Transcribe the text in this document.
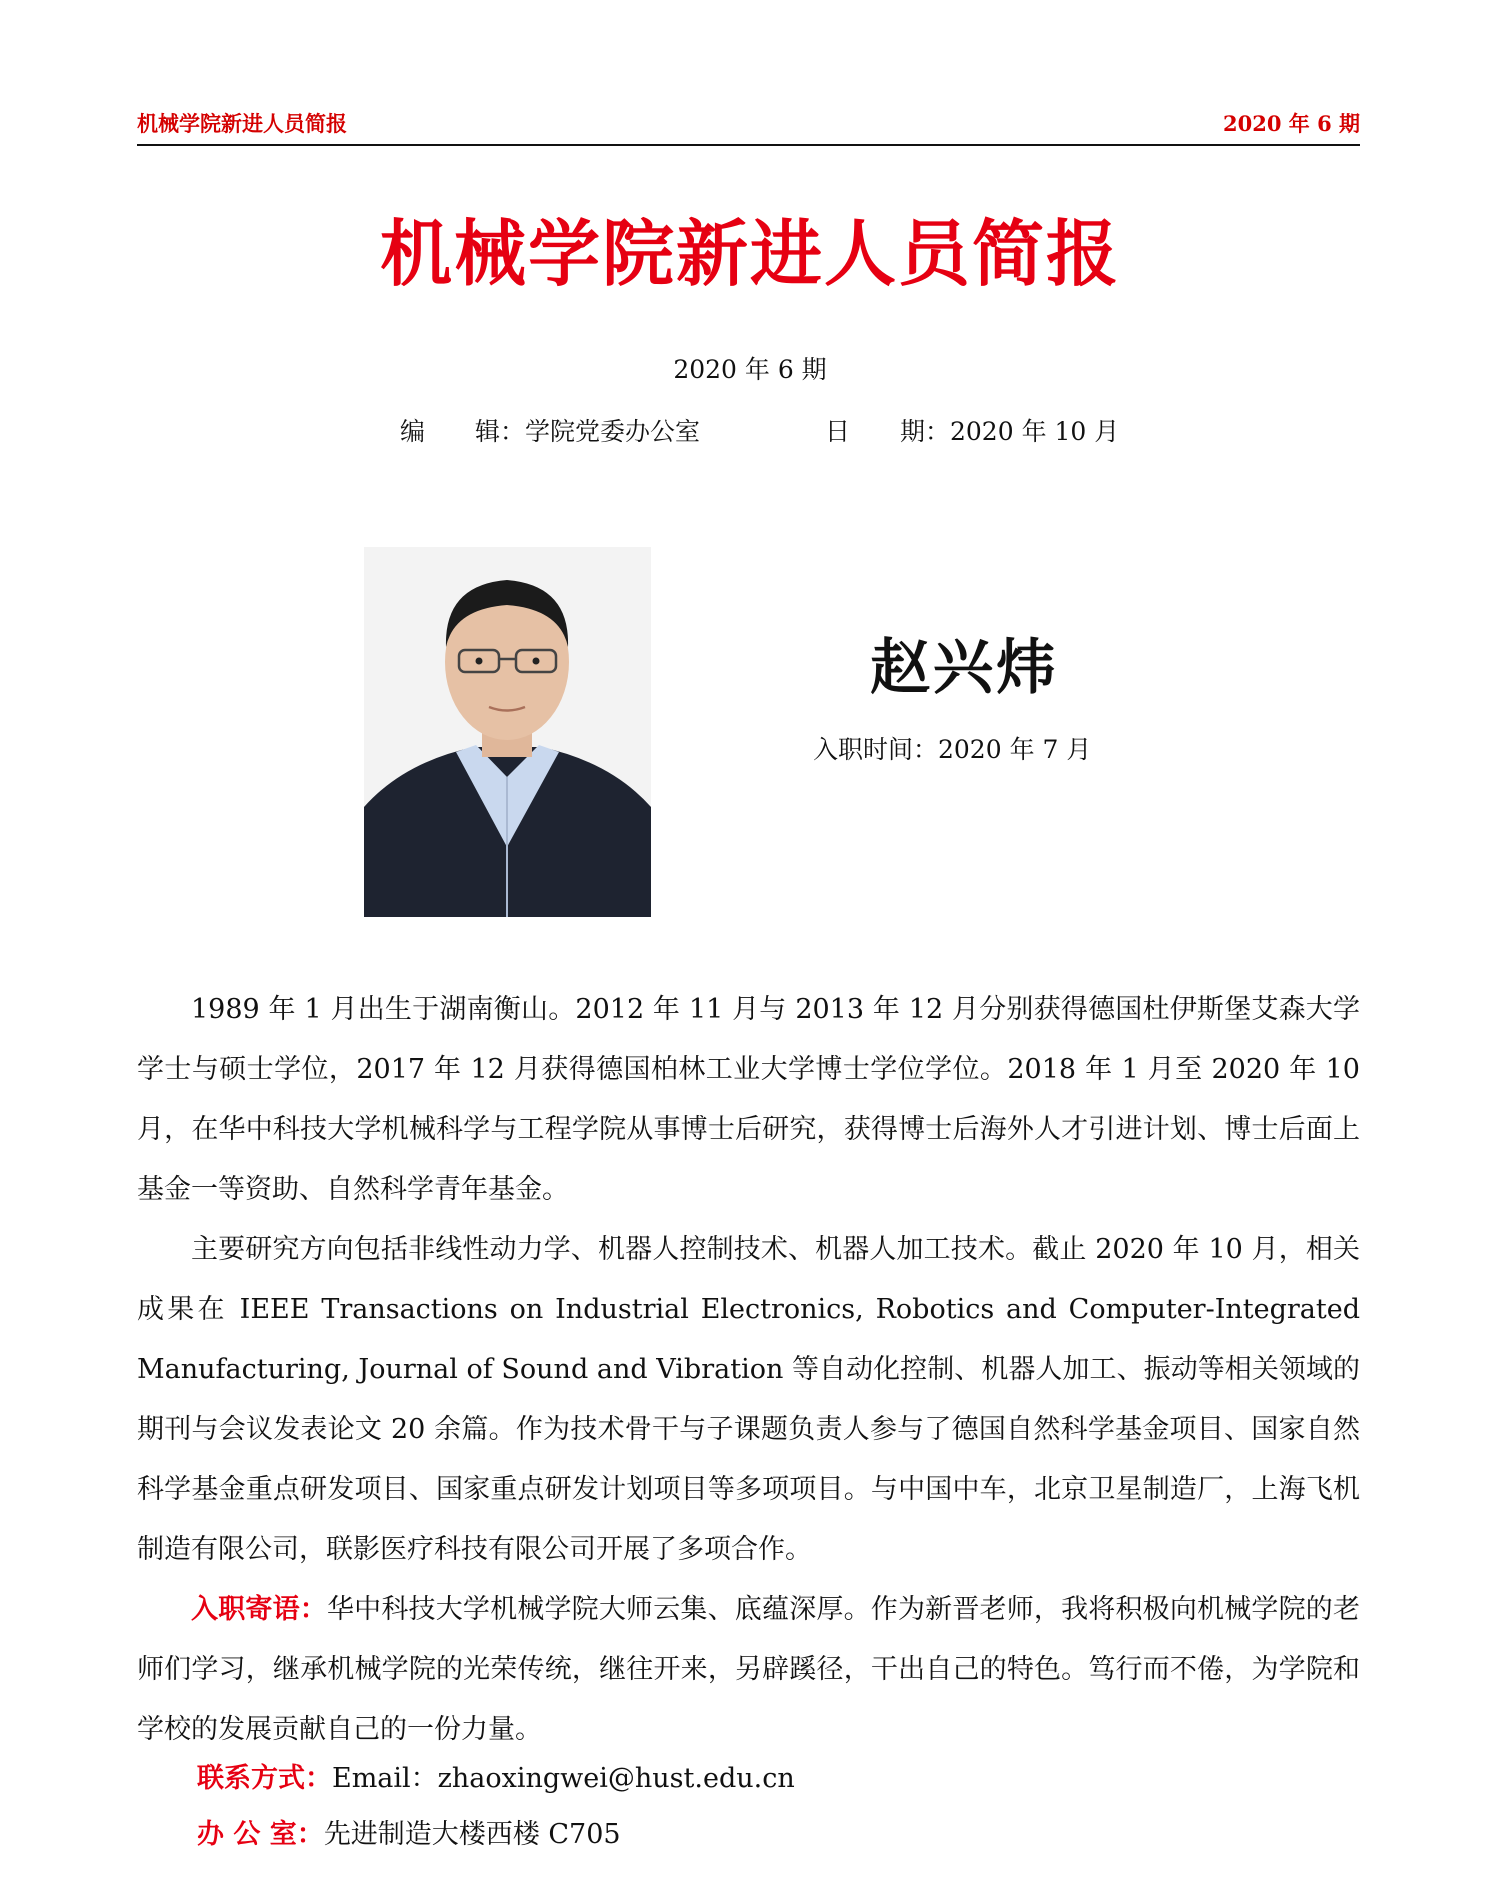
机械学院新进人员简报	2020 年 6 期
机械学院新进人员简报
2020 年 6 期
编　　辑：学院党委办公室	日　　期：2020 年 10 月
赵兴炜
入职时间：2020 年 7 月

1989 年 1 月出生于湖南衡山。2012 年 11 月与 2013 年 12 月分别获得德国杜伊斯堡艾森大学学士与硕士学位，2017 年 12 月获得德国柏林工业大学博士学位学位。2018 年 1 月至 2020 年 10 月，在华中科技大学机械科学与工程学院从事博士后研究，获得博士后海外人才引进计划、博士后面上基金一等资助、自然科学青年基金。

主要研究方向包括非线性动力学、机器人控制技术、机器人加工技术。截止 2020 年 10 月，相关成果在 IEEE Transactions on Industrial Electronics, Robotics and Computer-Integrated Manufacturing, Journal of Sound and Vibration 等自动化控制、机器人加工、振动等相关领域的期刊与会议发表论文 20 余篇。作为技术骨干与子课题负责人参与了德国自然科学基金项目、国家自然科学基金重点研发项目、国家重点研发计划项目等多项项目。与中国中车，北京卫星制造厂，上海飞机制造有限公司，联影医疗科技有限公司开展了多项合作。

入职寄语：华中科技大学机械学院大师云集、底蕴深厚。作为新晋老师，我将积极向机械学院的老师们学习，继承机械学院的光荣传统，继往开来，另辟蹊径，干出自己的特色。笃行而不倦，为学院和学校的发展贡献自己的一份力量。

联系方式：Email：zhaoxingwei@hust.edu.cn
办 公 室：先进制造大楼西楼 C705
